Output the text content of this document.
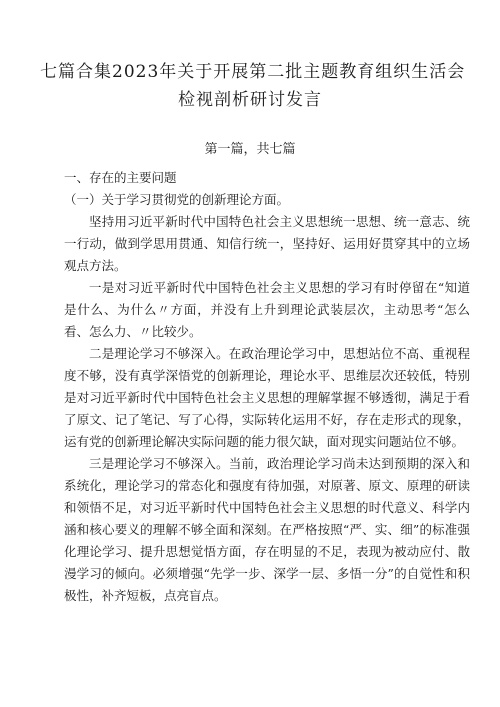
七篇合集2023年关于开展第二批主题教育组织生活会
检视剖析研讨发言
第一篇，共七篇

一、存在的主要问题

（一）关于学习贯彻党的创新理论方面。

坚持用习近平新时代中国特色社会主义思想统一思想、统一意志、统一行动，做到学思用贯通、知信行统一，坚持好、运用好贯穿其中的立场观点方法。

一是对习近平新时代中国特色社会主义思想的学习有时停留在“知道是什么、为什么〃方面，并没有上升到理论武装层次，主动思考“怎么看、怎么力、〃比较少。

二是理论学习不够深入。在政治理论学习中，思想站位不高、重视程度不够，没有真学深悟党的创新理论，理论水平、思维层次还较低，特别是对习近平新时代中国特色社会主义思想的理解掌握不够透彻，满足于看了原文、记了笔记、写了心得，实际转化运用不好，存在走形式的现象，运有党的创新理论解决实际问题的能力很欠缺，面对现实问题站位不够。

三是理论学习不够深入。当前，政治理论学习尚未达到预期的深入和系统化，理论学习的常态化和强度有待加强，对原著、原文、原理的研读和领悟不足，对习近平新时代中国特色社会主义思想的时代意义、科学内涵和核心要义的理解不够全面和深刻。在严格按照“严、实、细”的标准强化理论学习、提升思想觉悟方面，存在明显的不足，表现为被动应付、散漫学习的倾向。必须增强“先学一步、深学一层、多悟一分”的自觉性和积极性，补齐短板，点亮盲点。
